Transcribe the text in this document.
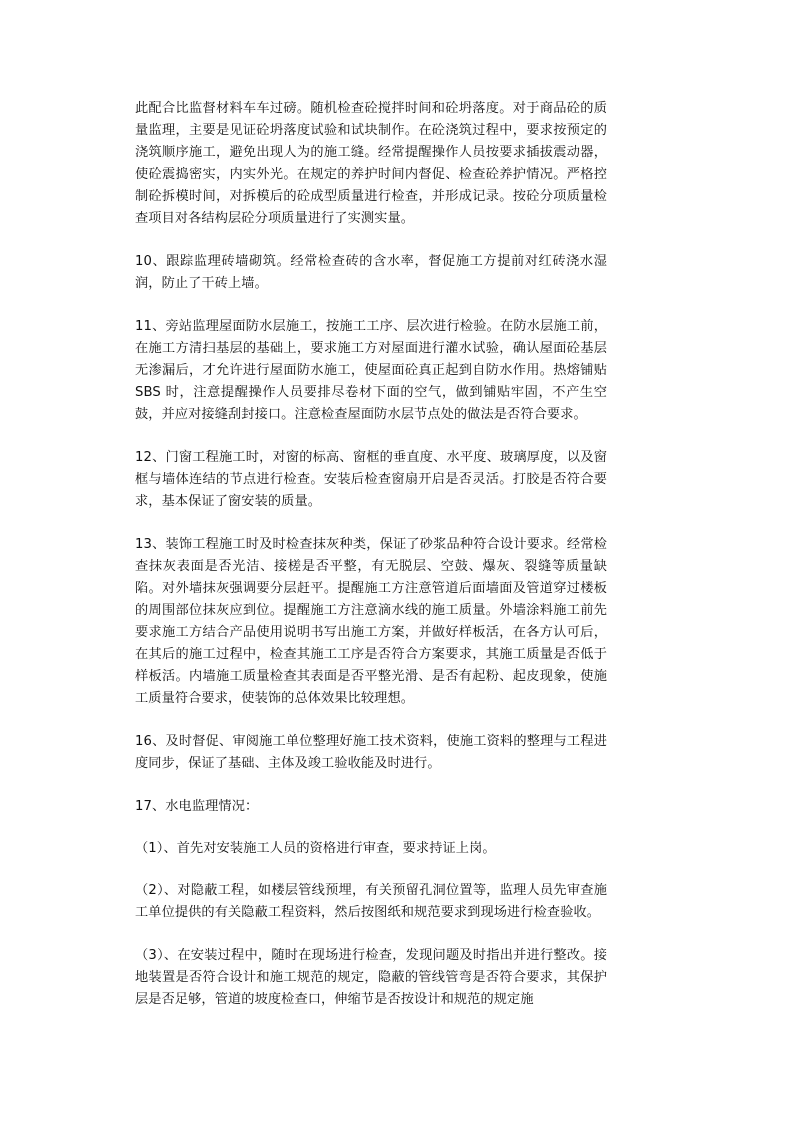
此配合比监督材料车车过磅。随机检查砼搅拌时间和砼坍落度。对于商品砼的质量监理，主要是见证砼坍落度试验和试块制作。在砼浇筑过程中，要求按预定的浇筑顺序施工，避免出现人为的施工缝。经常提醒操作人员按要求插拔震动器，使砼震捣密实，内实外光。在规定的养护时间内督促、检查砼养护情况。严格控制砼拆模时间，对拆模后的砼成型质量进行检查，并形成记录。按砼分项质量检查项目对各结构层砼分项质量进行了实测实量。

10、跟踪监理砖墙砌筑。经常检查砖的含水率，督促施工方提前对红砖浇水湿润，防止了干砖上墙。

11、旁站监理屋面防水层施工，按施工工序、层次进行检验。在防水层施工前，在施工方清扫基层的基础上，要求施工方对屋面进行灌水试验，确认屋面砼基层无渗漏后，才允许进行屋面防水施工，使屋面砼真正起到自防水作用。热熔铺贴 SBS 时，注意提醒操作人员要排尽卷材下面的空气，做到铺贴牢固，不产生空鼓，并应对接缝刮封接口。注意检查屋面防水层节点处的做法是否符合要求。

12、门窗工程施工时，对窗的标高、窗框的垂直度、水平度、玻璃厚度，以及窗框与墙体连结的节点进行检查。安装后检查窗扇开启是否灵活。打胶是否符合要求，基本保证了窗安装的质量。

13、装饰工程施工时及时检查抹灰种类，保证了砂浆品种符合设计要求。经常检查抹灰表面是否光洁、接槎是否平整，有无脱层、空鼓、爆灰、裂缝等质量缺陷。对外墙抹灰强调要分层赶平。提醒施工方注意管道后面墙面及管道穿过楼板的周围部位抹灰应到位。提醒施工方注意滴水线的施工质量。外墙涂料施工前先要求施工方结合产品使用说明书写出施工方案，并做好样板活，在各方认可后，在其后的施工过程中，检查其施工工序是否符合方案要求，其施工质量是否低于样板活。内墙施工质量检查其表面是否平整光滑、是否有起粉、起皮现象，使施工质量符合要求，使装饰的总体效果比较理想。

16、及时督促、审阅施工单位整理好施工技术资料，使施工资料的整理与工程进度同步，保证了基础、主体及竣工验收能及时进行。

17、水电监理情况：

（1）、首先对安装施工人员的资格进行审查，要求持证上岗。

（2）、对隐蔽工程，如楼层管线预埋，有关预留孔洞位置等，监理人员先审查施工单位提供的有关隐蔽工程资料，然后按图纸和规范要求到现场进行检查验收。

（3）、在安装过程中，随时在现场进行检查，发现问题及时指出并进行整改。接地装置是否符合设计和施工规范的规定，隐蔽的管线管弯是否符合要求，其保护层是否足够，管道的坡度检查口，伸缩节是否按设计和规范的规定施
